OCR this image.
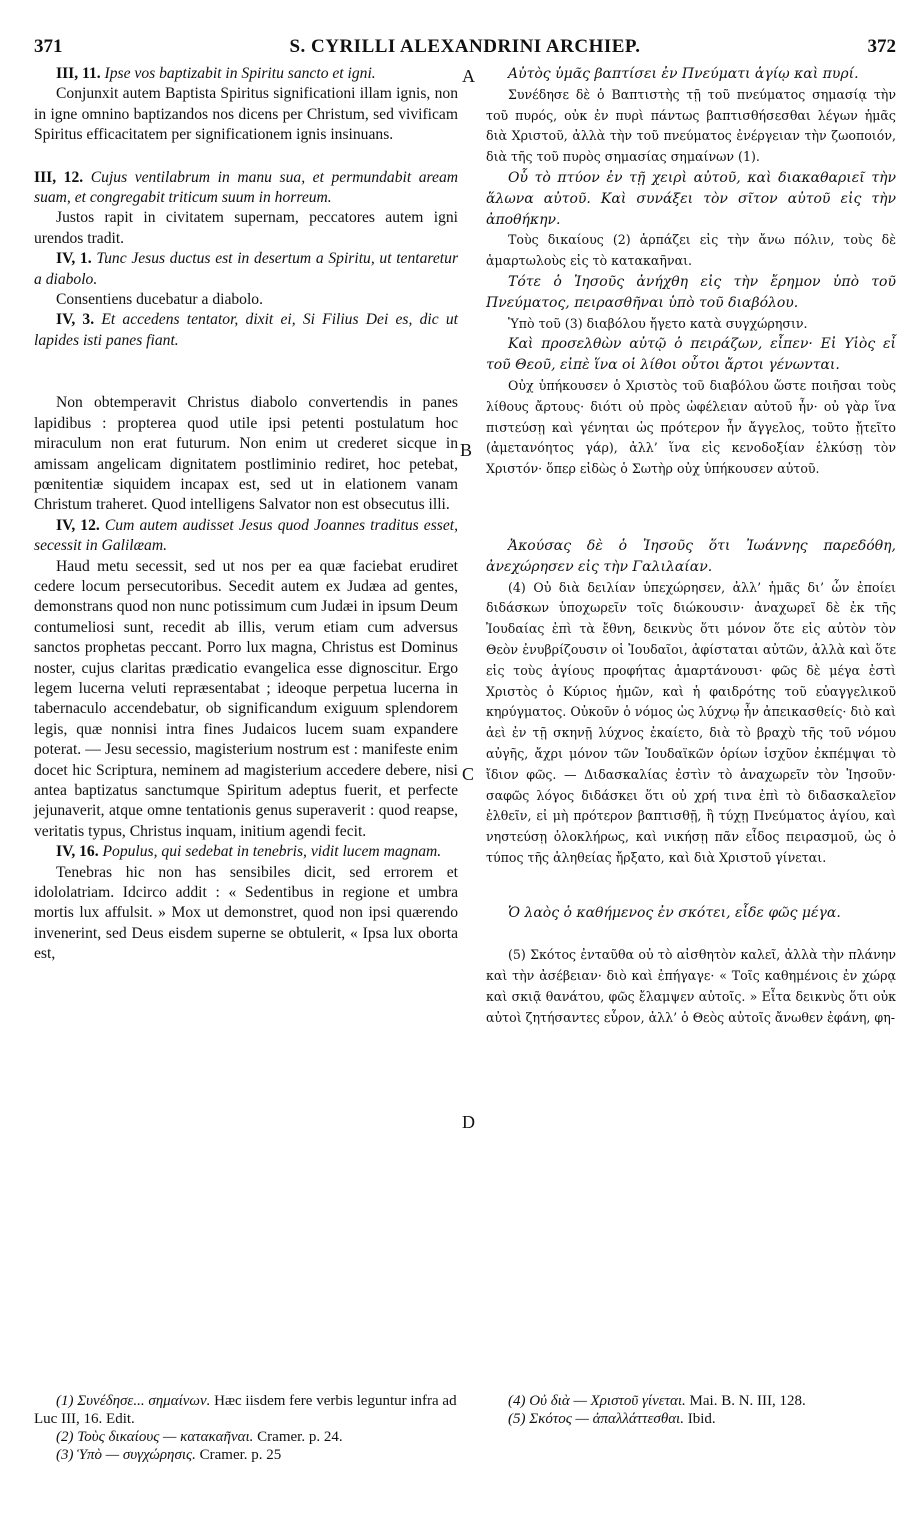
371	S. CYRILLI ALEXANDRINI ARCHIEP.	372
A
B
C
D

III, 11. Ipse vos baptizabit in Spiritu sancto et igni.

Conjunxit autem Baptista Spiritus significationi illam ignis, non in igne omnino baptizandos nos dicens per Christum, sed vivificam Spiritus efficacitatem per significationem ignis insinuans.

III, 12. Cujus ventilabrum in manu sua, et permundabit aream suam, et congregabit triticum suum in horreum.

Justos rapit in civitatem supernam, peccatores autem igni urendos tradit.

IV, 1. Tunc Jesus ductus est in desertum a Spiritu, ut tentaretur a diabolo.

Consentiens ducebatur a diabolo.

IV, 3. Et accedens tentator, dixit ei, Si Filius Dei es, dic ut lapides isti panes fiant.

Non obtemperavit Christus diabolo convertendis in panes lapidibus : propterea quod utile ipsi petenti postulatum hoc miraculum non erat futurum. Non enim ut crederet sicque in amissam angelicam dignitatem postliminio rediret, hoc petebat, pœnitentiæ siquidem incapax est, sed ut in elationem vanam Christum traheret. Quod intelligens Salvator non est obsecutus illi.

IV, 12. Cum autem audisset Jesus quod Joannes traditus esset, secessit in Galilæam.

Haud metu secessit, sed ut nos per ea quæ faciebat erudiret cedere locum persecutoribus. Secedit autem ex Judæa ad gentes, demonstrans quod non nunc potissimum cum Judæi in ipsum Deum contumeliosi sunt, recedit ab illis, verum etiam cum adversus sanctos prophetas peccant. Porro lux magna, Christus est Dominus noster, cujus claritas prædicatio evangelica esse dignoscitur. Ergo legem lucerna veluti repræsentabat ; ideoque perpetua lucerna in tabernaculo accendebatur, ob significandum exiguum splendorem legis, quæ nonnisi intra fines Judaicos lucem suam expandere poterat. — Jesu secessio, magisterium nostrum est : manifeste enim docet hic Scriptura, neminem ad magisterium accedere debere, nisi antea baptizatus sanctumque Spiritum adeptus fuerit, et perfecte jejunaverit, atque omne tentationis genus superaverit : quod reapse, veritatis typus, Christus inquam, initium agendi fecit.

IV, 16. Populus, qui sedebat in tenebris, vidit lucem magnam.

Tenebras hic non has sensibiles dicit, sed errorem et idololatriam. Idcirco addit : « Sedentibus in regione et umbra mortis lux affulsit. » Mox ut demonstret, quod non ipsi quærendo invenerint, sed Deus eisdem superne se obtulerit, « Ipsa lux oborta est,

Αὐτὸς ὑμᾶς βαπτίσει ἐν Πνεύματι ἁγίῳ καὶ πυρί.

Συνέδησε δὲ ὁ Βαπτιστὴς τῇ τοῦ πνεύματος σημασίᾳ τὴν τοῦ πυρός, οὐκ ἐν πυρὶ πάντως βαπτισθήσεσθαι λέγων ἡμᾶς διὰ Χριστοῦ, ἀλλὰ τὴν τοῦ πνεύματος ἐνέργειαν τὴν ζωοποιόν, διὰ τῆς τοῦ πυρὸς σημασίας σημαίνων (1).

Οὗ τὸ πτύον ἐν τῇ χειρὶ αὐτοῦ, καὶ διακαθαριεῖ τὴν ἅλωνα αὐτοῦ. Καὶ συνάξει τὸν σῖτον αὐτοῦ εἰς τὴν ἀποθήκην.

Τοὺς δικαίους (2) ἁρπάζει εἰς τὴν ἄνω πόλιν, τοὺς δὲ ἁμαρτωλοὺς εἰς τὸ κατακαῆναι.

Τότε ὁ Ἰησοῦς ἀνήχθη εἰς τὴν ἔρημον ὑπὸ τοῦ Πνεύματος, πειρασθῆναι ὑπὸ τοῦ διαβόλου.

Ὑπὸ τοῦ (3) διαβόλου ἤγετο κατὰ συγχώρησιν.

Καὶ προσελθὼν αὐτῷ ὁ πειράζων, εἶπεν· Εἰ Υἱὸς εἶ τοῦ Θεοῦ, εἰπὲ ἵνα οἱ λίθοι οὗτοι ἄρτοι γένωνται.

Οὐχ ὑπήκουσεν ὁ Χριστὸς τοῦ διαβόλου ὥστε ποιῆσαι τοὺς λίθους ἄρτους· διότι οὐ πρὸς ὠφέλειαν αὐτοῦ ἦν· οὐ γὰρ ἵνα πιστεύσῃ καὶ γένηται ὡς πρότερον ἦν ἄγγελος, τοῦτο ᾔτεῖτο (ἀμετανόητος γάρ), ἀλλ’ ἵνα εἰς κενοδοξίαν ἑλκύσῃ τὸν Χριστόν· ὅπερ εἰδὼς ὁ Σωτὴρ οὐχ ὑπήκουσεν αὐτοῦ.

Ἀκούσας δὲ ὁ Ἰησοῦς ὅτι Ἰωάννης παρεδόθη, ἀνεχώρησεν εἰς τὴν Γαλιλαίαν.

(4) Οὐ διὰ δειλίαν ὑπεχώρησεν, ἀλλ’ ἡμᾶς δι’ ὧν ἐποίει διδάσκων ὑποχωρεῖν τοῖς διώκουσιν· ἀναχωρεῖ δὲ ἐκ τῆς Ἰουδαίας ἐπὶ τὰ ἔθνη, δεικνὺς ὅτι μόνον ὅτε εἰς αὐτὸν τὸν Θεὸν ἐνυβρίζουσιν οἱ Ἰουδαῖοι, ἀφίσταται αὐτῶν, ἀλλὰ καὶ ὅτε εἰς τοὺς ἁγίους προφήτας ἁμαρτάνουσι· φῶς δὲ μέγα ἐστὶ Χριστὸς ὁ Κύριος ἡμῶν, καὶ ἡ φαιδρότης τοῦ εὐαγγελικοῦ κηρύγματος. Οὐκοῦν ὁ νόμος ὡς λύχνῳ ἦν ἀπεικασθείς· διὸ καὶ ἀεὶ ἐν τῇ σκηνῇ λύχνος ἐκαίετο, διὰ τὸ βραχὺ τῆς τοῦ νόμου αὐγῆς, ἄχρι μόνον τῶν Ἰουδαϊκῶν ὁρίων ἰσχῦον ἐκπέμψαι τὸ ἴδιον φῶς. — Διδασκαλίας ἐστὶν τὸ ἀναχωρεῖν τὸν Ἰησοῦν· σαφῶς λόγος διδάσκει ὅτι οὐ χρή τινα ἐπὶ τὸ διδασκαλεῖον ἐλθεῖν, εἰ μὴ πρότερον βαπτισθῇ, ἢ τύχῃ Πνεύματος ἁγίου, καὶ νηστεύσῃ ὁλοκλήρως, καὶ νικήσῃ πᾶν εἶδος πειρασμοῦ, ὡς ὁ τύπος τῆς ἀληθείας ἤρξατο, καὶ διὰ Χριστοῦ γίνεται.

Ὁ λαὸς ὁ καθήμενος ἐν σκότει, εἶδε φῶς μέγα.

(5) Σκότος ἐνταῦθα οὐ τὸ αἰσθητὸν καλεῖ, ἀλλὰ τὴν πλάνην καὶ τὴν ἀσέβειαν· διὸ καὶ ἐπήγαγε· « Τοῖς καθημένοις ἐν χώρᾳ καὶ σκιᾷ θανάτου, φῶς ἔλαμψεν αὐτοῖς. » Εἶτα δεικνὺς ὅτι οὐκ αὐτοὶ ζητήσαντες εὗρον, ἀλλ’ ὁ Θεὸς αὐτοῖς ἄνωθεν ἐφάνη, φη-

(1) Συνέδησε... σημαίνων. Hæc iisdem fere verbis leguntur infra ad Luc III, 16. Edit.

(2) Τοὺς δικαίους — κατακαῆναι. Cramer. p. 24.

(3) Ὑπὸ — συγχώρησις. Cramer. p. 25

(4) Οὐ διὰ — Χριστοῦ γίνεται. Mai. B. N. III, 128.

(5) Σκότος — ἀπαλλάττεσθαι. Ibid.
